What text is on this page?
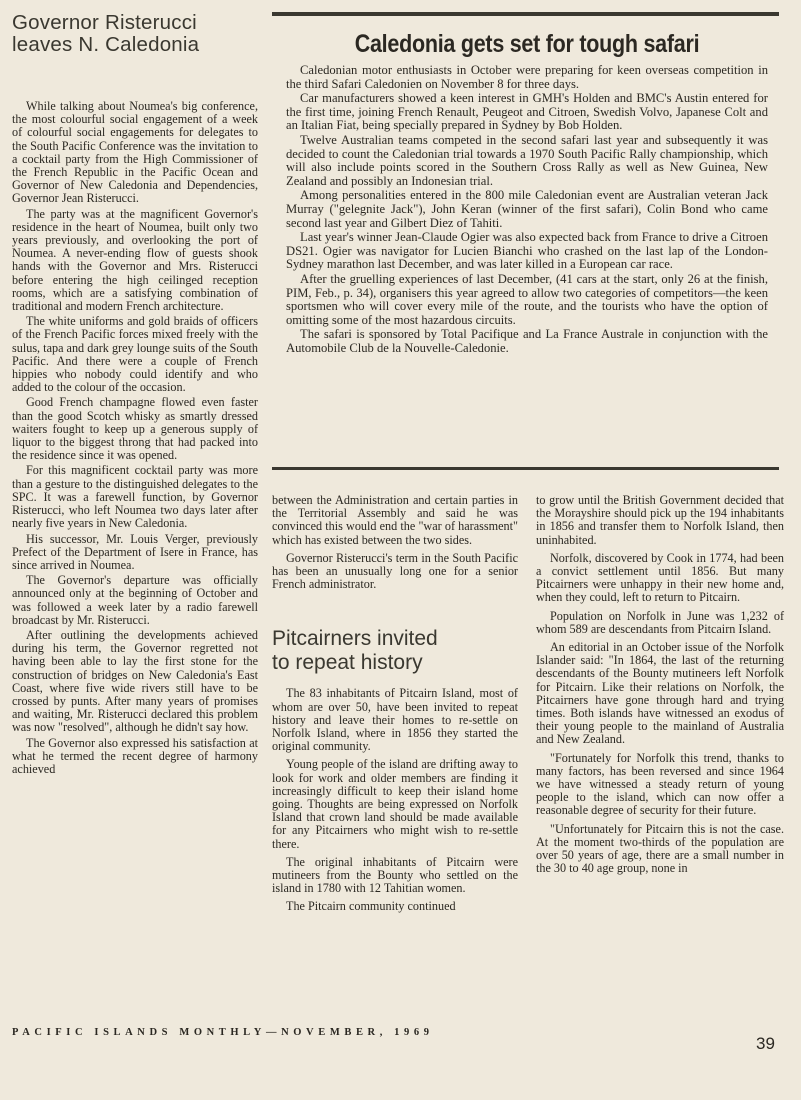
Governor Risterucci
leaves N. Caledonia

While talking about Noumea's big conference, the most colourful social engagement of a week of colourful social engagements for delegates to the South Pacific Conference was the invitation to a cocktail party from the High Commissioner of the French Republic in the Pacific Ocean and Governor of New Caledonia and Dependencies, Governor Jean Risterucci.

The party was at the magnificent Governor's residence in the heart of Noumea, built only two years previously, and overlooking the port of Noumea. A never-ending flow of guests shook hands with the Governor and Mrs. Risterucci before entering the high ceilinged reception rooms, which are a satisfying combination of traditional and modern French architecture.

The white uniforms and gold braids of officers of the French Pacific forces mixed freely with the sulus, tapa and dark grey lounge suits of the South Pacific. And there were a couple of French hippies who nobody could identify and who added to the colour of the occasion.

Good French champagne flowed even faster than the good Scotch whisky as smartly dressed waiters fought to keep up a generous supply of liquor to the biggest throng that had packed into the residence since it was opened.

For this magnificent cocktail party was more than a gesture to the distinguished delegates to the SPC. It was a farewell function, by Governor Risterucci, who left Noumea two days later after nearly five years in New Caledonia.

His successor, Mr. Louis Verger, previously Prefect of the Department of Isere in France, has since arrived in Noumea.

The Governor's departure was officially announced only at the beginning of October and was followed a week later by a radio farewell broadcast by Mr. Risterucci.

After outlining the developments achieved during his term, the Governor regretted not having been able to lay the first stone for the construction of bridges on New Caledonia's East Coast, where five wide rivers still have to be crossed by punts. After many years of promises and waiting, Mr. Risterucci declared this problem was now "resolved", although he didn't say how.

The Governor also expressed his satisfaction at what he termed the recent degree of harmony achieved

Caledonia gets set for tough safari

Caledonian motor enthusiasts in October were preparing for keen overseas competition in the third Safari Caledonien on November 8 for three days.

Car manufacturers showed a keen interest in GMH's Holden and BMC's Austin entered for the first time, joining French Renault, Peugeot and Citroen, Swedish Volvo, Japanese Colt and an Italian Fiat, being specially prepared in Sydney by Bob Holden.

Twelve Australian teams competed in the second safari last year and subsequently it was decided to count the Caledonian trial towards a 1970 South Pacific Rally championship, which will also include points scored in the Southern Cross Rally as well as New Guinea, New Zealand and possibly an Indonesian trial.

Among personalities entered in the 800 mile Caledonian event are Australian veteran Jack Murray ("gelegnite Jack"), John Keran (winner of the first safari), Colin Bond who came second last year and Gilbert Diez of Tahiti.

Last year's winner Jean-Claude Ogier was also expected back from France to drive a Citroen DS21. Ogier was navigator for Lucien Bianchi who crashed on the last lap of the London-Sydney marathon last December, and was later killed in a European car race.

After the gruelling experiences of last December, (41 cars at the start, only 26 at the finish, PIM, Feb., p. 34), organisers this year agreed to allow two categories of competitors—the keen sportsmen who will cover every mile of the route, and the tourists who have the option of omitting some of the most hazardous circuits.

The safari is sponsored by Total Pacifique and La France Australe in conjunction with the Automobile Club de la Nouvelle-Caledonie.

between the Administration and certain parties in the Territorial Assembly and said he was convinced this would end the "war of harassment" which has existed between the two sides.

Governor Risterucci's term in the South Pacific has been an unusually long one for a senior French administrator.

Pitcairners invited
to repeat history

The 83 inhabitants of Pitcairn Island, most of whom are over 50, have been invited to repeat history and leave their homes to re-settle on Norfolk Island, where in 1856 they started the original community.

Young people of the island are drifting away to look for work and older members are finding it increasingly difficult to keep their island home going. Thoughts are being expressed on Norfolk Island that crown land should be made available for any Pitcairners who might wish to re-settle there.

The original inhabitants of Pitcairn were mutineers from the Bounty who settled on the island in 1780 with 12 Tahitian women.

The Pitcairn community continued

to grow until the British Government decided that the Morayshire should pick up the 194 inhabitants in 1856 and transfer them to Norfolk Island, then uninhabited.

Norfolk, discovered by Cook in 1774, had been a convict settlement until 1856. But many Pitcairners were unhappy in their new home and, when they could, left to return to Pitcairn.

Population on Norfolk in June was 1,232 of whom 589 are descendants from Pitcairn Island.

An editorial in an October issue of the Norfolk Islander said: "In 1864, the last of the returning descendants of the Bounty mutineers left Norfolk for Pitcairn. Like their relations on Norfolk, the Pitcairners have gone through hard and trying times. Both islands have witnessed an exodus of their young people to the mainland of Australia and New Zealand.

"Fortunately for Norfolk this trend, thanks to many factors, has been reversed and since 1964 we have witnessed a steady return of young people to the island, which can now offer a reasonable degree of security for their future.

"Unfortunately for Pitcairn this is not the case. At the moment two-thirds of the population are over 50 years of age, there are a small number in the 30 to 40 age group, none in

PACIFIC ISLANDS MONTHLY—NOVEMBER, 1969
39
